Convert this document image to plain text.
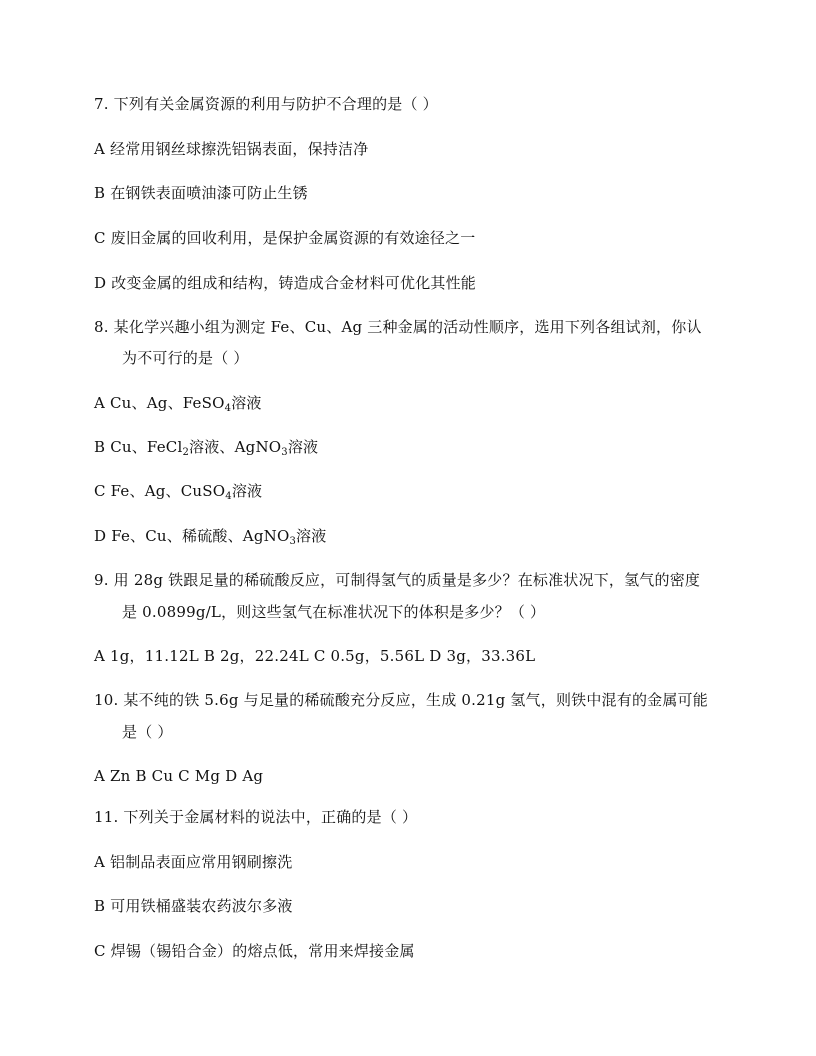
7. 下列有关金属资源的利用与防护不合理的是（ ）
A 经常用钢丝球擦洗铝锅表面，保持洁净
B 在钢铁表面喷油漆可防止生锈
C 废旧金属的回收利用，是保护金属资源的有效途径之一
D 改变金属的组成和结构，铸造成合金材料可优化其性能
8. 某化学兴趣小组为测定 Fe、Cu、Ag 三种金属的活动性顺序，选用下列各组试剂，你认
为不可行的是（ ）
A Cu、Ag、FeSO$_4$溶液
B Cu、FeCl$_2$溶液、AgNO$_3$溶液
C Fe、Ag、CuSO$_4$溶液
D Fe、Cu、稀硫酸、AgNO$_3$溶液
9. 用 28g 铁跟足量的稀硫酸反应，可制得氢气的质量是多少？在标准状况下，氢气的密度
是 0.0899g/L，则这些氢气在标准状况下的体积是多少？（ ）
A 1g，11.12L B 2g，22.24L C 0.5g，5.56L D 3g，33.36L
10. 某不纯的铁 5.6g 与足量的稀硫酸充分反应，生成 0.21g 氢气，则铁中混有的金属可能
是（ ）
A Zn B Cu C Mg D Ag
11. 下列关于金属材料的说法中，正确的是（ ）
A 铝制品表面应常用钢刷擦洗
B 可用铁桶盛装农药波尔多液
C 焊锡（锡铅合金）的熔点低，常用来焊接金属
